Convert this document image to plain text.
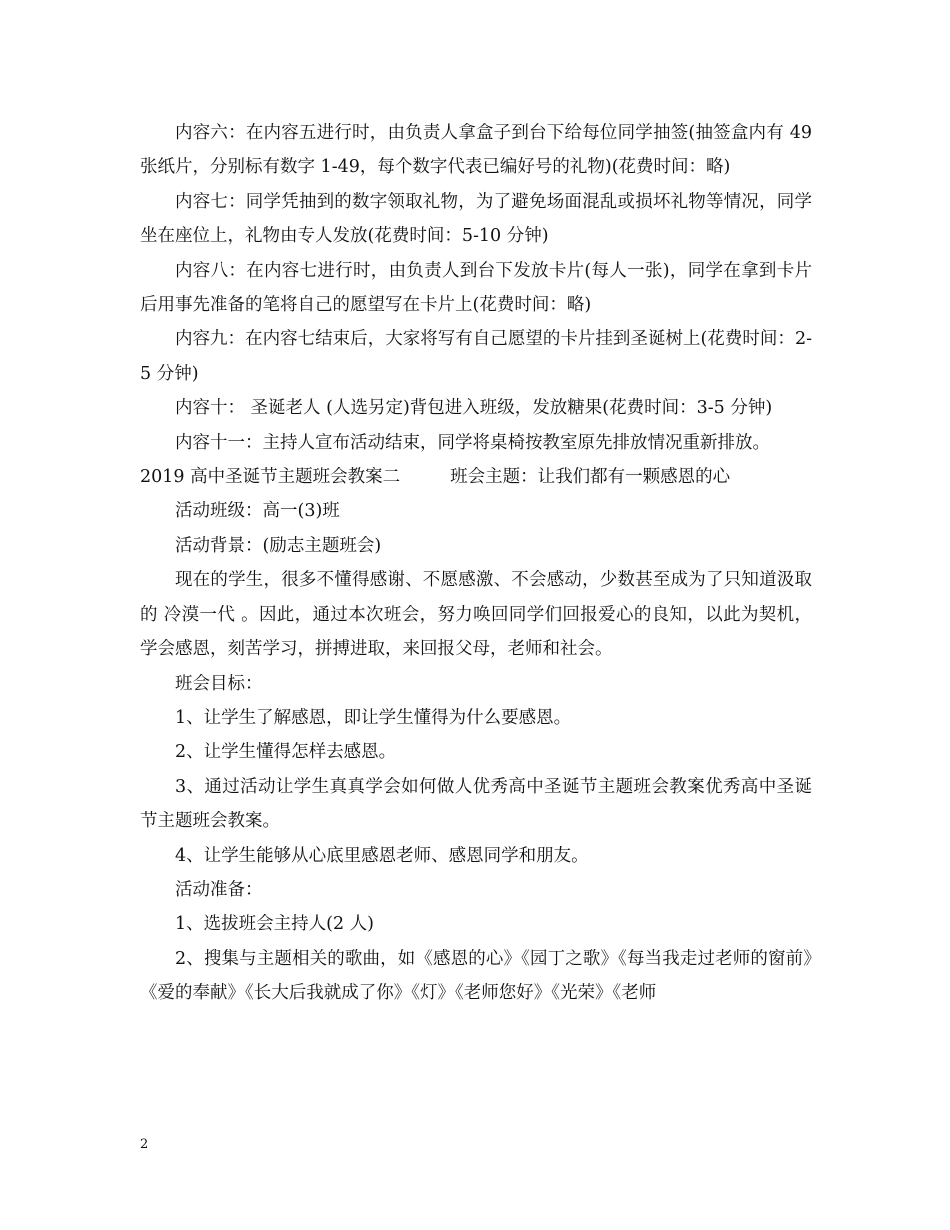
内容六：在内容五进行时，由负责人拿盒子到台下给每位同学抽签(抽签盒内有 49 张纸片，分别标有数字 1-49，每个数字代表已编好号的礼物)(花费时间：略)

内容七：同学凭抽到的数字领取礼物，为了避免场面混乱或损坏礼物等情况，同学坐在座位上，礼物由专人发放(花费时间：5-10 分钟)

内容八：在内容七进行时，由负责人到台下发放卡片(每人一张)，同学在拿到卡片后用事先准备的笔将自己的愿望写在卡片上(花费时间：略)

内容九：在内容七结束后，大家将写有自己愿望的卡片挂到圣诞树上(花费时间：2-5 分钟)

内容十： 圣诞老人 (人选另定)背包进入班级，发放糖果(花费时间：3-5 分钟)

内容十一：主持人宣布活动结束，同学将桌椅按教室原先排放情况重新排放。

2019 高中圣诞节主题班会教案二	班会主题：让我们都有一颗感恩的心

活动班级：高一(3)班

活动背景：(励志主题班会)

现在的学生，很多不懂得感谢、不愿感激、不会感动，少数甚至成为了只知道汲取的 冷漠一代 。因此，通过本次班会，努力唤回同学们回报爱心的良知，以此为契机，学会感恩，刻苦学习，拼搏进取，来回报父母，老师和社会。

班会目标：

1、让学生了解感恩，即让学生懂得为什么要感恩。

2、让学生懂得怎样去感恩。

3、通过活动让学生真真学会如何做人优秀高中圣诞节主题班会教案优秀高中圣诞节主题班会教案。

4、让学生能够从心底里感恩老师、感恩同学和朋友。

活动准备：

1、选拔班会主持人(2 人)

2、搜集与主题相关的歌曲，如《感恩的心》《园丁之歌》《每当我走过老师的窗前》《爱的奉献》《长大后我就成了你》《灯》《老师您好》《光荣》《老师

2
